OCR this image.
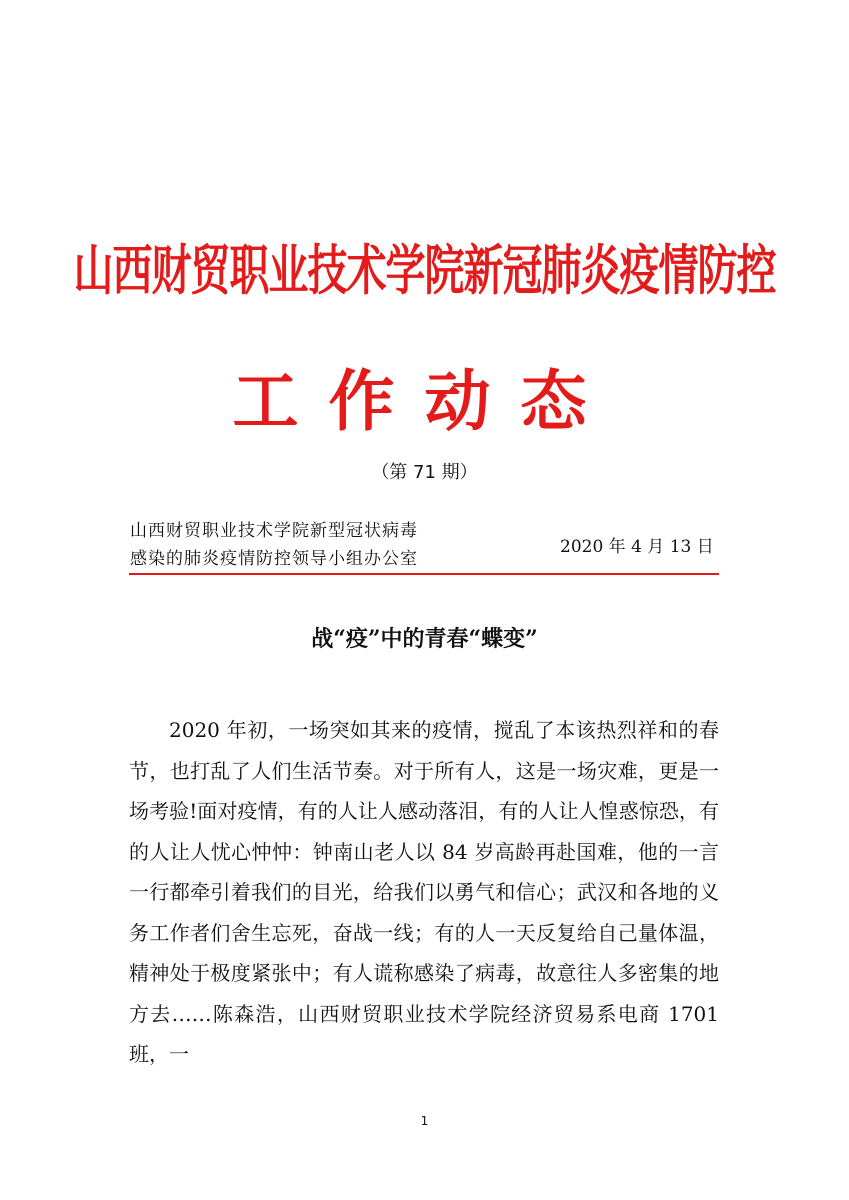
山西财贸职业技术学院新冠肺炎疫情防控
工作动态
（第 71 期）
山西财贸职业技术学院新型冠状病毒
感染的肺炎疫情防控领导小组办公室
2020 年 4 月 13 日
战“疫”中的青春“蝶变”

2020 年初，一场突如其来的疫情，搅乱了本该热烈祥和的春节，也打乱了人们生活节奏。对于所有人，这是一场灾难，更是一场考验!面对疫情，有的人让人感动落泪，有的人让人惶惑惊恐，有的人让人忧心忡忡：钟南山老人以 84 岁高龄再赴国难，他的一言一行都牵引着我们的目光，给我们以勇气和信心；武汉和各地的义务工作者们舍生忘死，奋战一线；有的人一天反复给自己量体温，精神处于极度紧张中；有人谎称感染了病毒，故意往人多密集的地方去……陈森浩，山西财贸职业技术学院经济贸易系电商 1701 班，一

1
